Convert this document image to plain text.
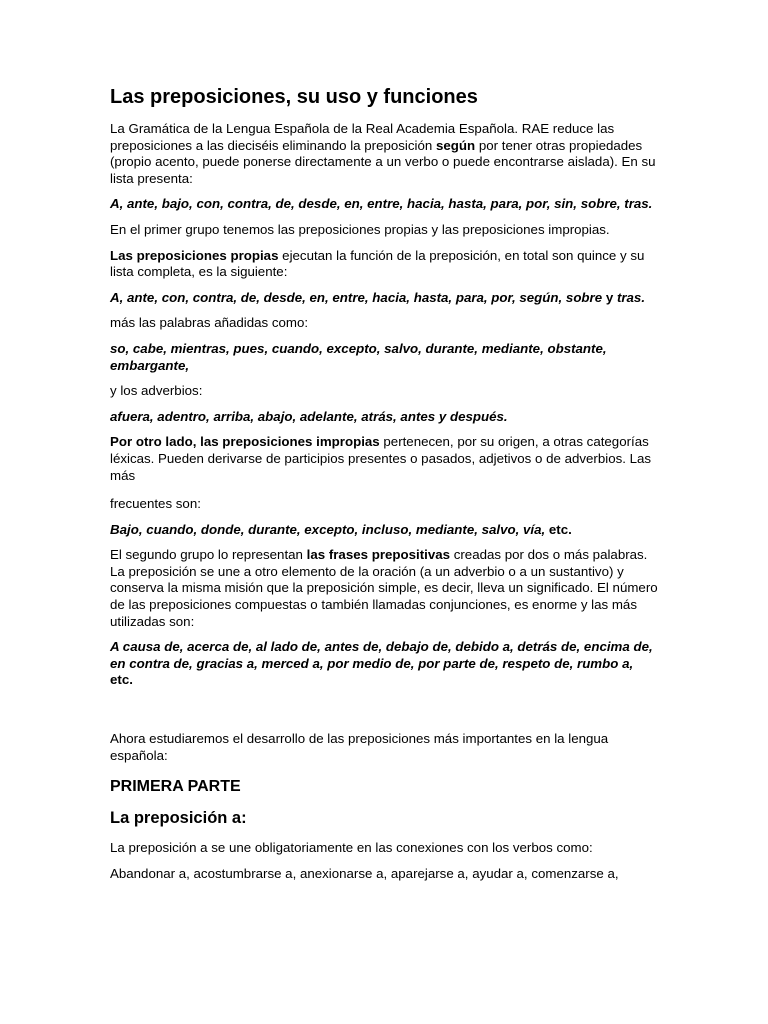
Las preposiciones, su uso y funciones

La Gramática de la Lengua Española de la Real Academia Española. RAE reduce las preposiciones a las dieciséis eliminando la preposición según por tener otras propiedades (propio acento, puede ponerse directamente a un verbo o puede encontrarse aislada). En su lista presenta:

A, ante, bajo, con, contra, de, desde, en, entre, hacia, hasta, para, por, sin, sobre, tras.

En el primer grupo tenemos las preposiciones propias y las preposiciones impropias.

Las preposiciones propias ejecutan la función de la preposición, en total son quince y su lista completa, es la siguiente:

A, ante, con, contra, de, desde, en, entre, hacia, hasta, para, por, según, sobre y tras.

más las palabras añadidas como:

so, cabe, mientras, pues, cuando, excepto, salvo, durante, mediante, obstante, embargante,

y los adverbios:

afuera, adentro, arriba, abajo, adelante, atrás, antes y después.

Por otro lado, las preposiciones impropias pertenecen, por su origen, a otras categorías léxicas. Pueden derivarse de participios presentes o pasados, adjetivos o de adverbios. Las más

frecuentes son:

Bajo, cuando, donde, durante, excepto, incluso, mediante, salvo, vía, etc.

El segundo grupo lo representan las frases prepositivas creadas por dos o más palabras. La preposición se une a otro elemento de la oración (a un adverbio o a un sustantivo) y conserva la misma misión que la preposición simple, es decir, lleva un significado. El número de las preposiciones compuestas o también llamadas conjunciones, es enorme y las más utilizadas son:

A causa de, acerca de, al lado de, antes de, debajo de, debido a, detrás de, encima de, en contra de, gracias a, merced a, por medio de, por parte de, respeto de, rumbo a, etc.

Ahora estudiaremos el desarrollo de las preposiciones más importantes en la lengua española:

PRIMERA PARTE
La preposición a:

La preposición a se une obligatoriamente en las conexiones con los verbos como:

Abandonar a, acostumbrarse a, anexionarse a, aparejarse a, ayudar a, comenzarse a,
